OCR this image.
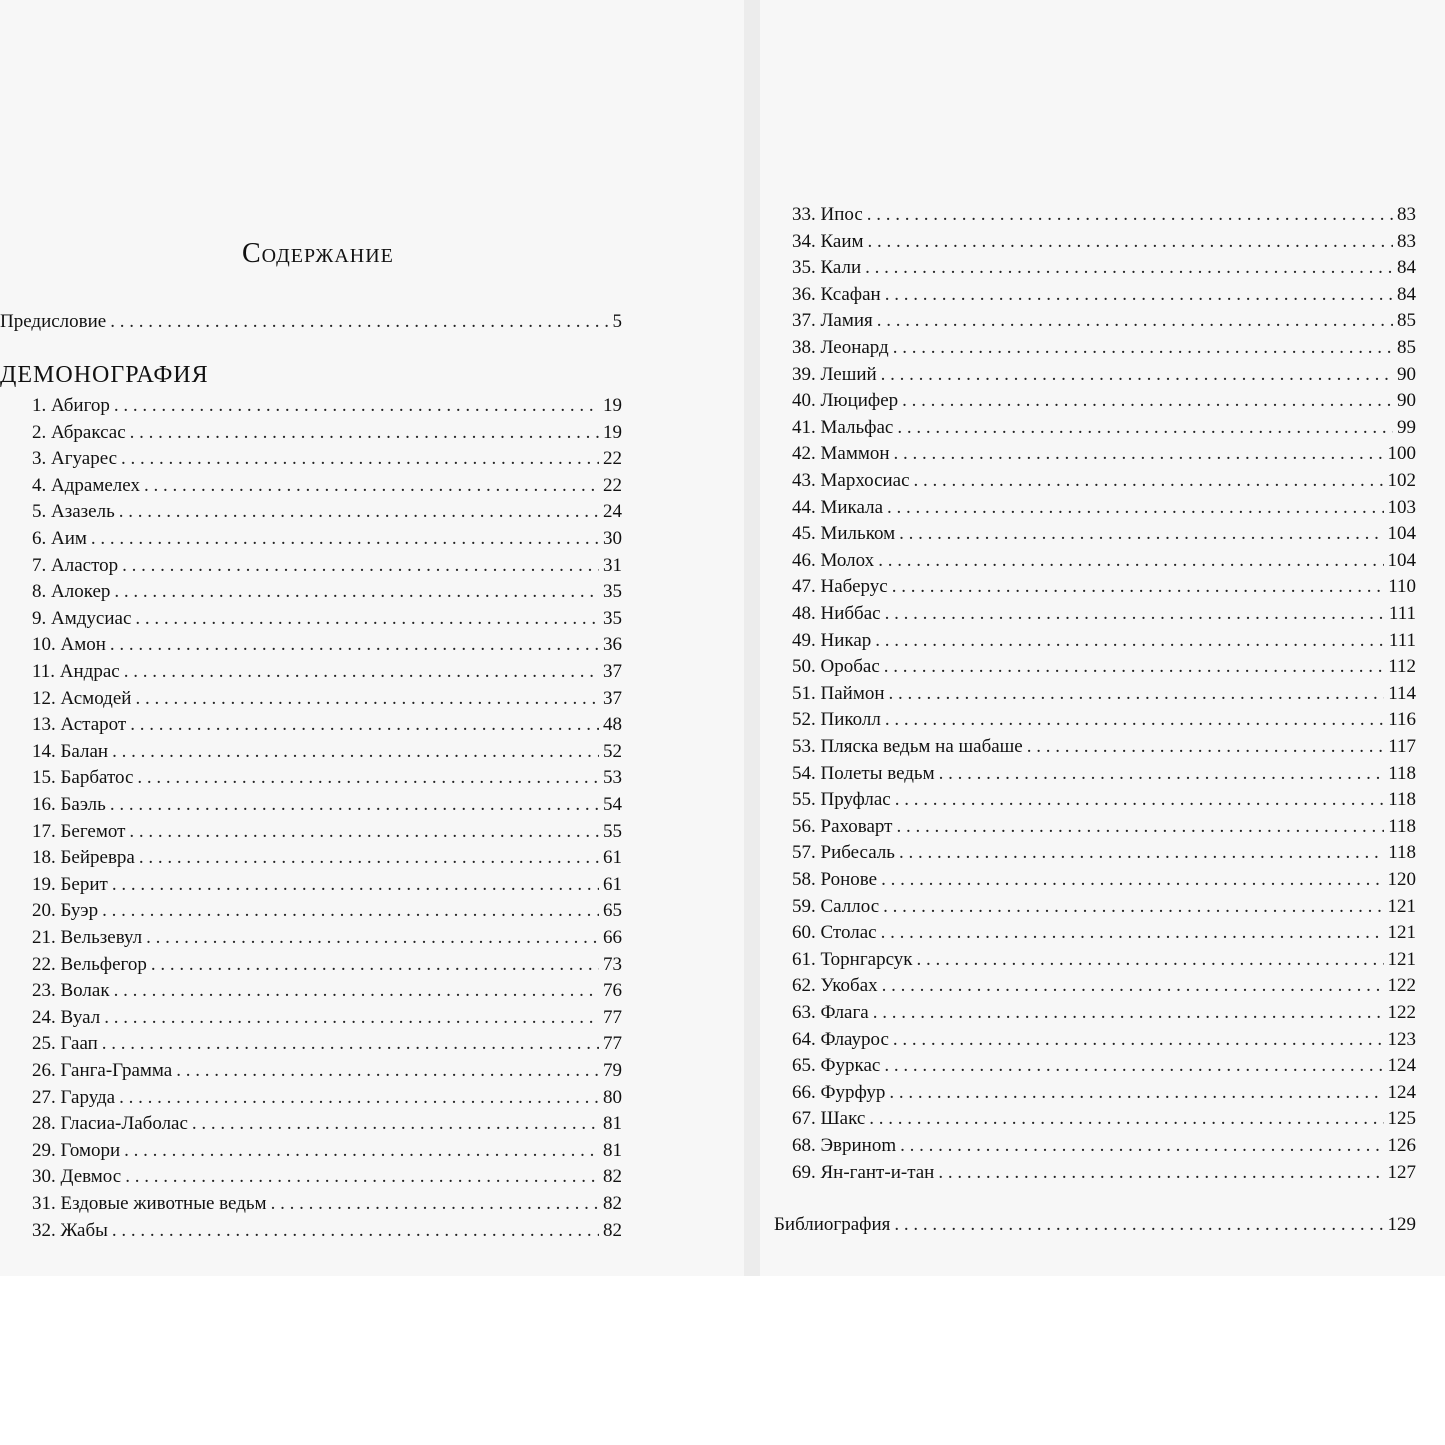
Содержание
Предисловие . . .	5
ДЕМОНОГРАФИЯ
1. Абигор . . .	19
2. Абраксас . . .	19
3. Агуарес . . .	22
4. Адрамелех . . .	22
5. Азазель . . .	24
6. Аим . . .	30
7. Аластор . . .	31
8. Алокер . . .	35
9. Амдусиас . . .	35
10. Амон . . .	36
11. Андрас . . .	37
12. Асмодей . . .	37
13. Астарот . . .	48
14. Балан . . .	52
15. Барбатос . . .	53
16. Баэль . . .	54
17. Бегемот . . .	55
18. Бейреврa . . .	61
19. Берит . . .	61
20. Буэр . . .	65
21. Вельзевул . . .	66
22. Вельфегор . . .	73
23. Волак . . .	76
24. Вуал . . .	77
25. Гаап . . .	77
26. Ганга-Грамма . . .	79
27. Гаруда . . .	80
28. Гласиа-Лаболас . . .	81
29. Гомори . . .	81
30. Девмос . . .	82
31. Ездовые животные ведьм . . .	82
32. Жабы . . .	82
33. Ипос . . .	83
34. Каим . . .	83
35. Кали . . .	84
36. Ксафан . . .	84
37. Ламия . . .	85
38. Леонард . . .	85
39. Леший . . .	90
40. Люцифер . . .	90
41. Мальфас . . .	99
42. Маммон . . .	100
43. Мархосиас . . .	102
44. Микала . . .	103
45. Мильком . . .	104
46. Молох . . .	104
47. Наберус . . .	110
48. Ниббас . . .	111
49. Никар . . .	111
50. Оробас . . .	112
51. Паймон . . .	114
52. Пиколл . . .	116
53. Пляска ведьм на шабаше . . .	117
54. Полеты ведьм . . .	118
55. Пруфлас . . .	118
56. Раховарт . . .	118
57. Рибесаль . . .	118
58. Ронове . . .	120
59. Саллос . . .	121
60. Столас . . .	121
61. Торнгарсук . . .	121
62. Укобах . . .	122
63. Флага . . .	122
64. Флаурос . . .	123
65. Фуркас . . .	124
66. Фурфур . . .	124
67. Шакс . . .	125
68. Эвриноm . . .	126
69. Ян-гант-и-тан . . .	127
Библиография . . .	129
